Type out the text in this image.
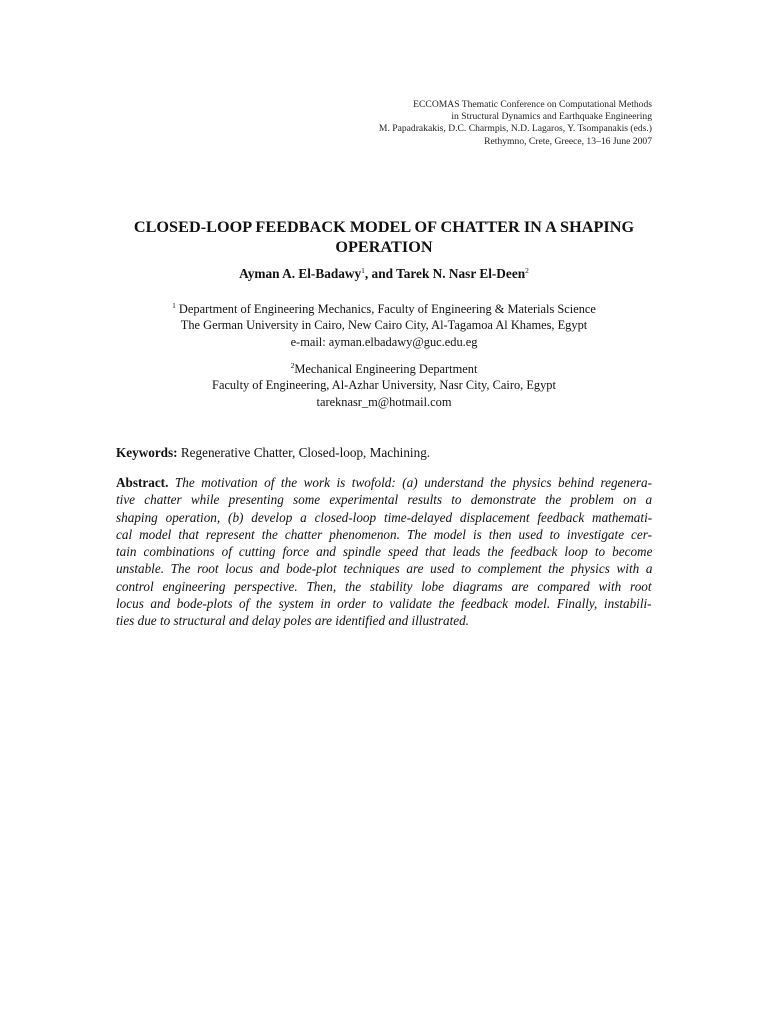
ECCOMAS Thematic Conference on Computational Methods
in Structural Dynamics and Earthquake Engineering
M. Papadrakakis, D.C. Charmpis, N.D. Lagaros, Y. Tsompanakis (eds.)
Rethymno, Crete, Greece, 13–16 June 2007
CLOSED-LOOP FEEDBACK MODEL OF CHATTER IN A SHAPING
OPERATION
Ayman A. El-Badawy$^1$, and Tarek N. Nasr El-Deen$^2$
$^1$ Department of Engineering Mechanics, Faculty of Engineering & Materials Science
The German University in Cairo, New Cairo City, Al-Tagamoa Al Khames, Egypt
e-mail: ayman.elbadawy@guc.edu.eg
$^2$Mechanical Engineering Department
Faculty of Engineering, Al-Azhar University, Nasr City, Cairo, Egypt
tareknasr_m@hotmail.com
Keywords: Regenerative Chatter, Closed-loop, Machining.
Abstract. The motivation of the work is twofold: (a) understand the physics behind regenera-
tive chatter while presenting some experimental results to demonstrate the problem on a
shaping operation, (b) develop a closed-loop time-delayed displacement feedback mathemati-
cal model that represent the chatter phenomenon. The model is then used to investigate cer-
tain combinations of cutting force and spindle speed that leads the feedback loop to become
unstable. The root locus and bode-plot techniques are used to complement the physics with a
control engineering perspective. Then, the stability lobe diagrams are compared with root
locus and bode-plots of the system in order to validate the feedback model. Finally, instabili-
ties due to structural and delay poles are identified and illustrated.
